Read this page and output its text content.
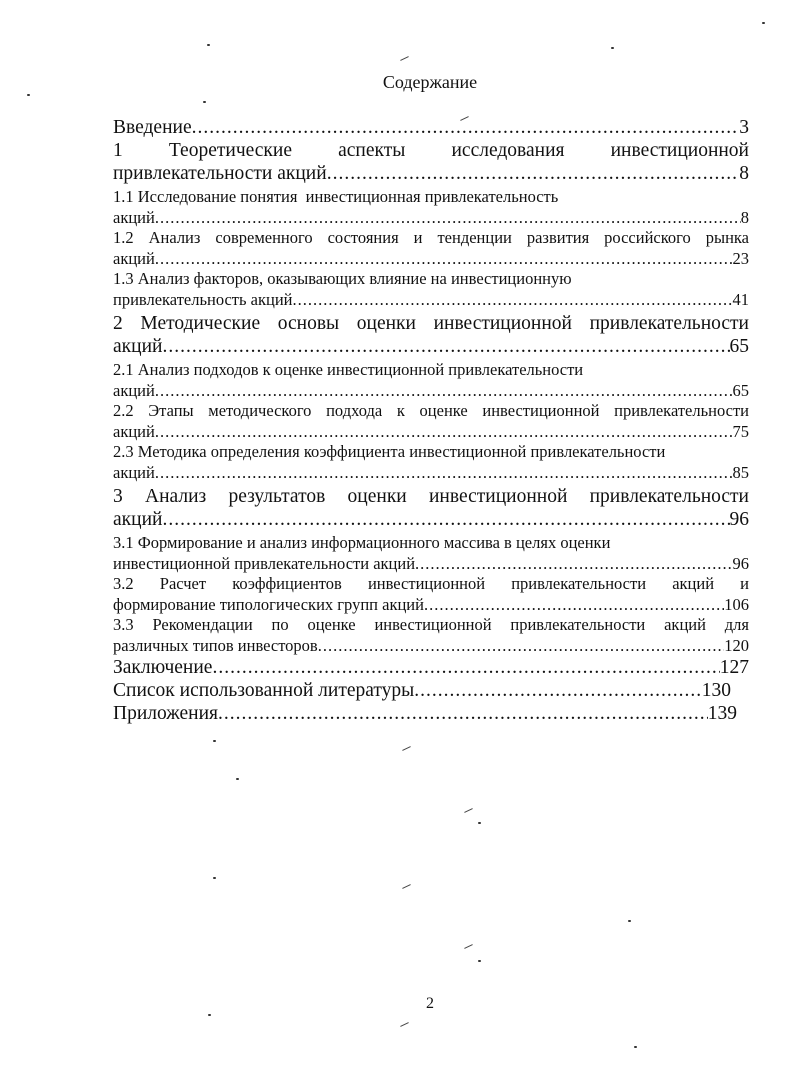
Содержание
Введение .....	3
1 Теоретические аспекты исследования инвестиционной
привлекательности акций .....	8
1.1 Исследование понятия  инвестиционная привлекательность
акций .....	8
1.2 Анализ современного состояния и тенденции развития российского рынка
акций .....	23
1.3 Анализ факторов, оказывающих влияние на инвестиционную
привлекательность акций .....	41
2 Методические основы оценки инвестиционной привлекательности
акций .....	65
2.1 Анализ подходов к оценке инвестиционной привлекательности
акций .....	65
2.2 Этапы методического подхода к оценке инвестиционной привлекательности
акций .....	75
2.3 Методика определения коэффициента инвестиционной привлекательности
акций .....	85
3 Анализ результатов оценки инвестиционной привлекательности
акций .....	96
3.1 Формирование и анализ информационного массива в целях оценки
инвестиционной привлекательности акций .....	96
3.2 Расчет коэффициентов инвестиционной привлекательности акций и
формирование типологических групп акций .....	106
3.3 Рекомендации по оценке инвестиционной привлекательности акций для
различных типов инвесторов .....	120
Заключение .....	127
Список использованной литературы .....	130
Приложения .....	139
2
